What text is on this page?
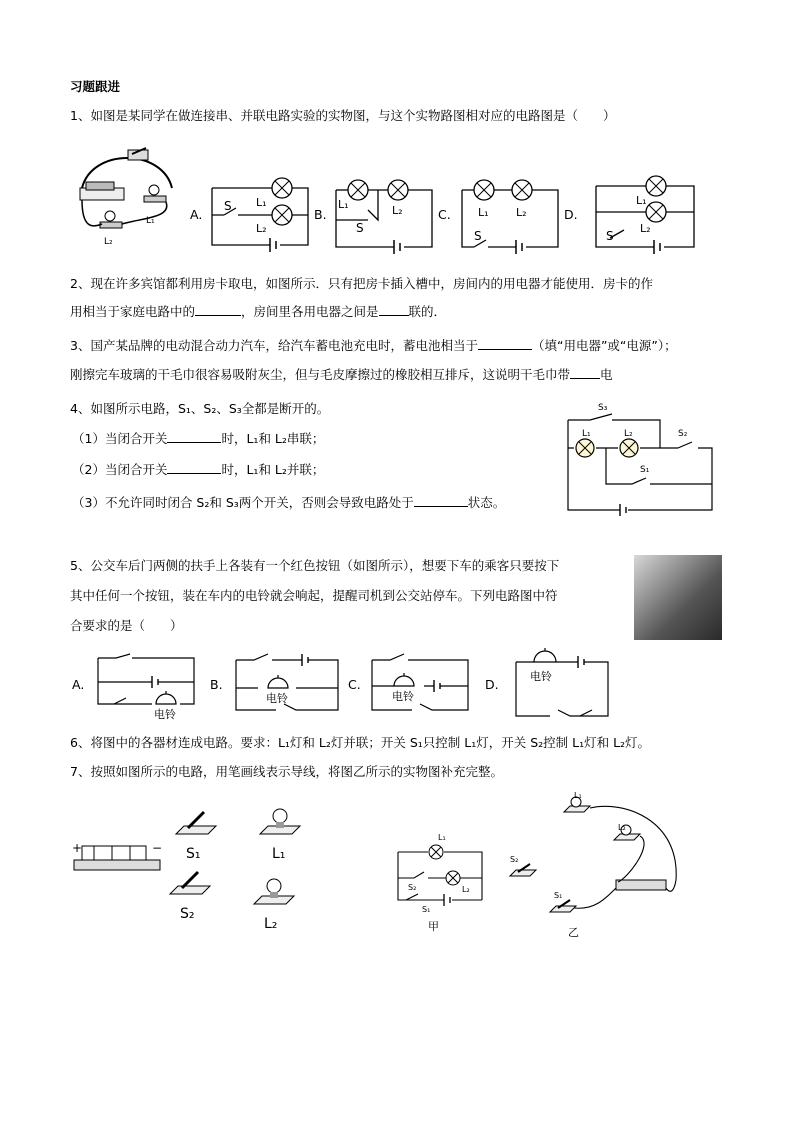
习题跟进
1、如图是某同学在做连接串、并联电路实验的实物图，与这个实物路图相对应的电路图是（　　）
L₁
L₂
A.
S L₁
L₂
B.
L₁	L₂
S
C. L₁ L₂
S
D.
L₁
L₂
S
2、现在许多宾馆都利用房卡取电，如图所示．只有把房卡插入槽中，房间内的用电器才能使用．房卡的作
用相当于家庭电路中的	，房间里各用电器之间是 联的．
3、国产某品牌的电动混合动力汽车，给汽车蓄电池充电时，蓄电池相当于	（填“用电器”或“电源”）；
刚擦完车玻璃的干毛巾很容易吸附灰尘，但与毛皮摩擦过的橡胶相互排斥，这说明干毛巾带 电
4、如图所示电路，S₁、S₂、S₃全都是断开的。
（1）当闭合开关	时，L₁和 L₂串联；
（2）当闭合开关	时，L₁和 L₂并联；
（3）不允许同时闭合 S₂和 S₃两个开关，否则会导致电路处于	状态。
S₃
L₁	L₂	S₂
S₁
5、公交车后门两侧的扶手上各装有一个红色按钮（如图所示），想要下车的乘客只要按下
其中任何一个按钮，装在车内的电铃就会响起，提醒司机到公交站停车。下列电路图中符
合要求的是（　　）
A.
电铃
B.
电铃
C.
电铃
D.
电铃
6、将图中的各器材连成电路。要求：L₁灯和 L₂灯并联；开关 S₁只控制 L₁灯，开关 S₂控制 L₁灯和 L₂灯。
7、按照如图所示的电路，用笔画线表示导线，将图乙所示的实物图补充完整。
+	− S₁	L₁
S₂
L₂
L₁
L₂
S₂
S₁
甲
L₁
L₂
S₂
S₁
乙
